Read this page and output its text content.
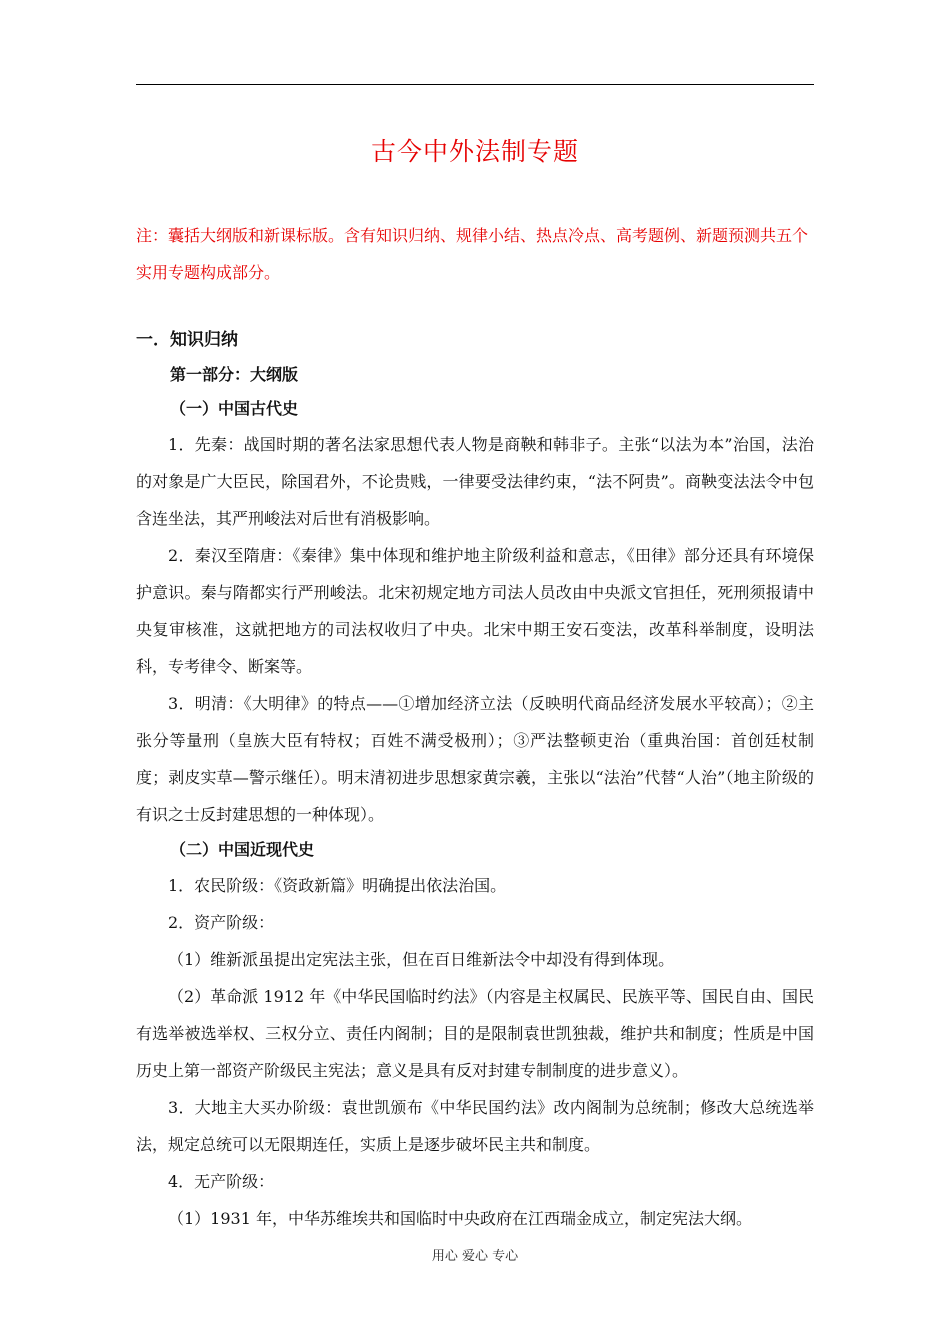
古今中外法制专题
注：囊括大纲版和新课标版。含有知识归纳、规律小结、热点冷点、高考题例、新题预测共五个实用专题构成部分。

一．知识归纳

第一部分：大纲版

（一）中国古代史

1．先秦：战国时期的著名法家思想代表人物是商鞅和韩非子。主张“以法为本”治国，法治的对象是广大臣民，除国君外，不论贵贱，一律要受法律约束，“法不阿贵”。商鞅变法法令中包含连坐法，其严刑峻法对后世有消极影响。

2．秦汉至隋唐：《秦律》集中体现和维护地主阶级利益和意志，《田律》部分还具有环境保护意识。秦与隋都实行严刑峻法。北宋初规定地方司法人员改由中央派文官担任，死刑须报请中央复审核准，这就把地方的司法权收归了中央。北宋中期王安石变法，改革科举制度，设明法科，专考律令、断案等。

3．明清：《大明律》的特点——①增加经济立法（反映明代商品经济发展水平较高）；②主张分等量刑（皇族大臣有特权；百姓不满受极刑）；③严法整顿吏治（重典治国：首创廷杖制度；剥皮实草—警示继任）。明末清初进步思想家黄宗羲，主张以“法治”代替“人治”（地主阶级的有识之士反封建思想的一种体现）。

（二）中国近现代史

1．农民阶级：《资政新篇》明确提出依法治国。

2．资产阶级：

（1）维新派虽提出定宪法主张，但在百日维新法令中却没有得到体现。

（2）革命派 1912 年《中华民国临时约法》（内容是主权属民、民族平等、国民自由、国民有选举被选举权、三权分立、责任内阁制；目的是限制袁世凯独裁，维护共和制度；性质是中国历史上第一部资产阶级民主宪法；意义是具有反对封建专制制度的进步意义）。

3．大地主大买办阶级：袁世凯颁布《中华民国约法》改内阁制为总统制；修改大总统选举法，规定总统可以无限期连任，实质上是逐步破坏民主共和制度。

4．无产阶级：

（1）1931 年，中华苏维埃共和国临时中央政府在江西瑞金成立，制定宪法大纲。

用心 爱心 专心
